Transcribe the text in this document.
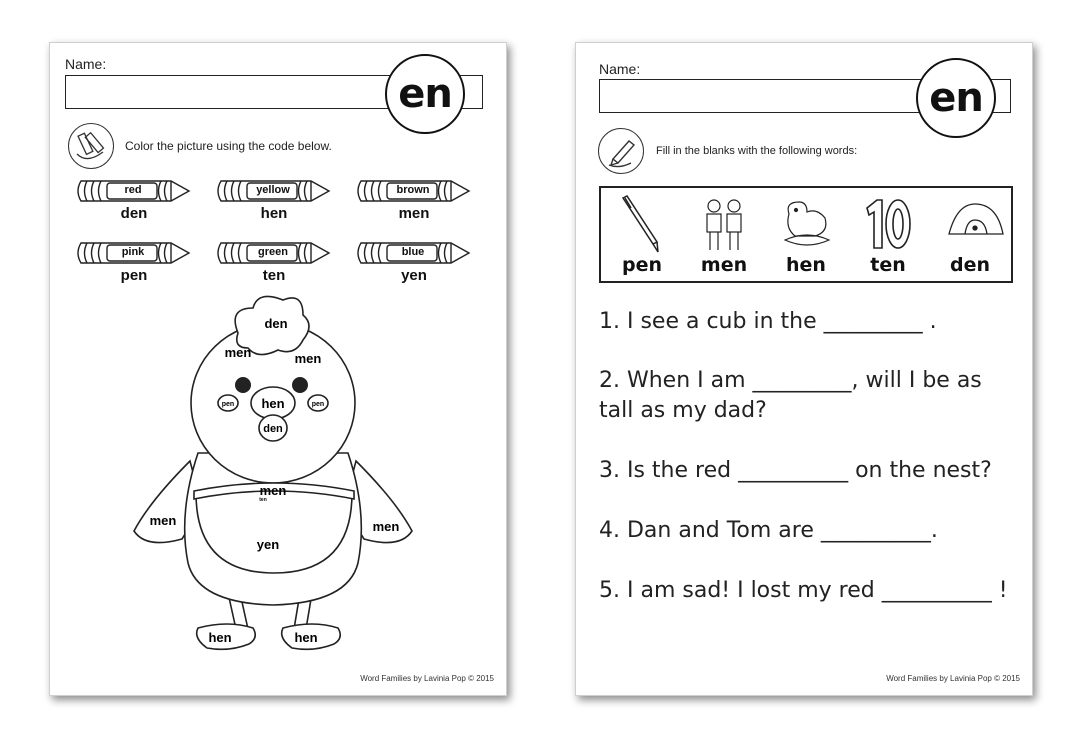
Name:
en
Color the picture using the code below.
red
den
yellow
hen
brown
men
pink
pen
green
ten
blue
yen
den
men	men
pen	pen
hen
den
men
men	men
ten
yen
hen	hen
Word Families by Lavinia Pop © 2015
Name:
en
Fill in the blanks with the following words:
pen	men	hen	ten	den
1. I see a cub in the _________ .
2. When I am _________, will I be as tall as my dad?
3. Is the red __________ on the nest?
4. Dan and Tom are __________.
5. I am sad! I lost my red __________ !
Word Families by Lavinia Pop © 2015
